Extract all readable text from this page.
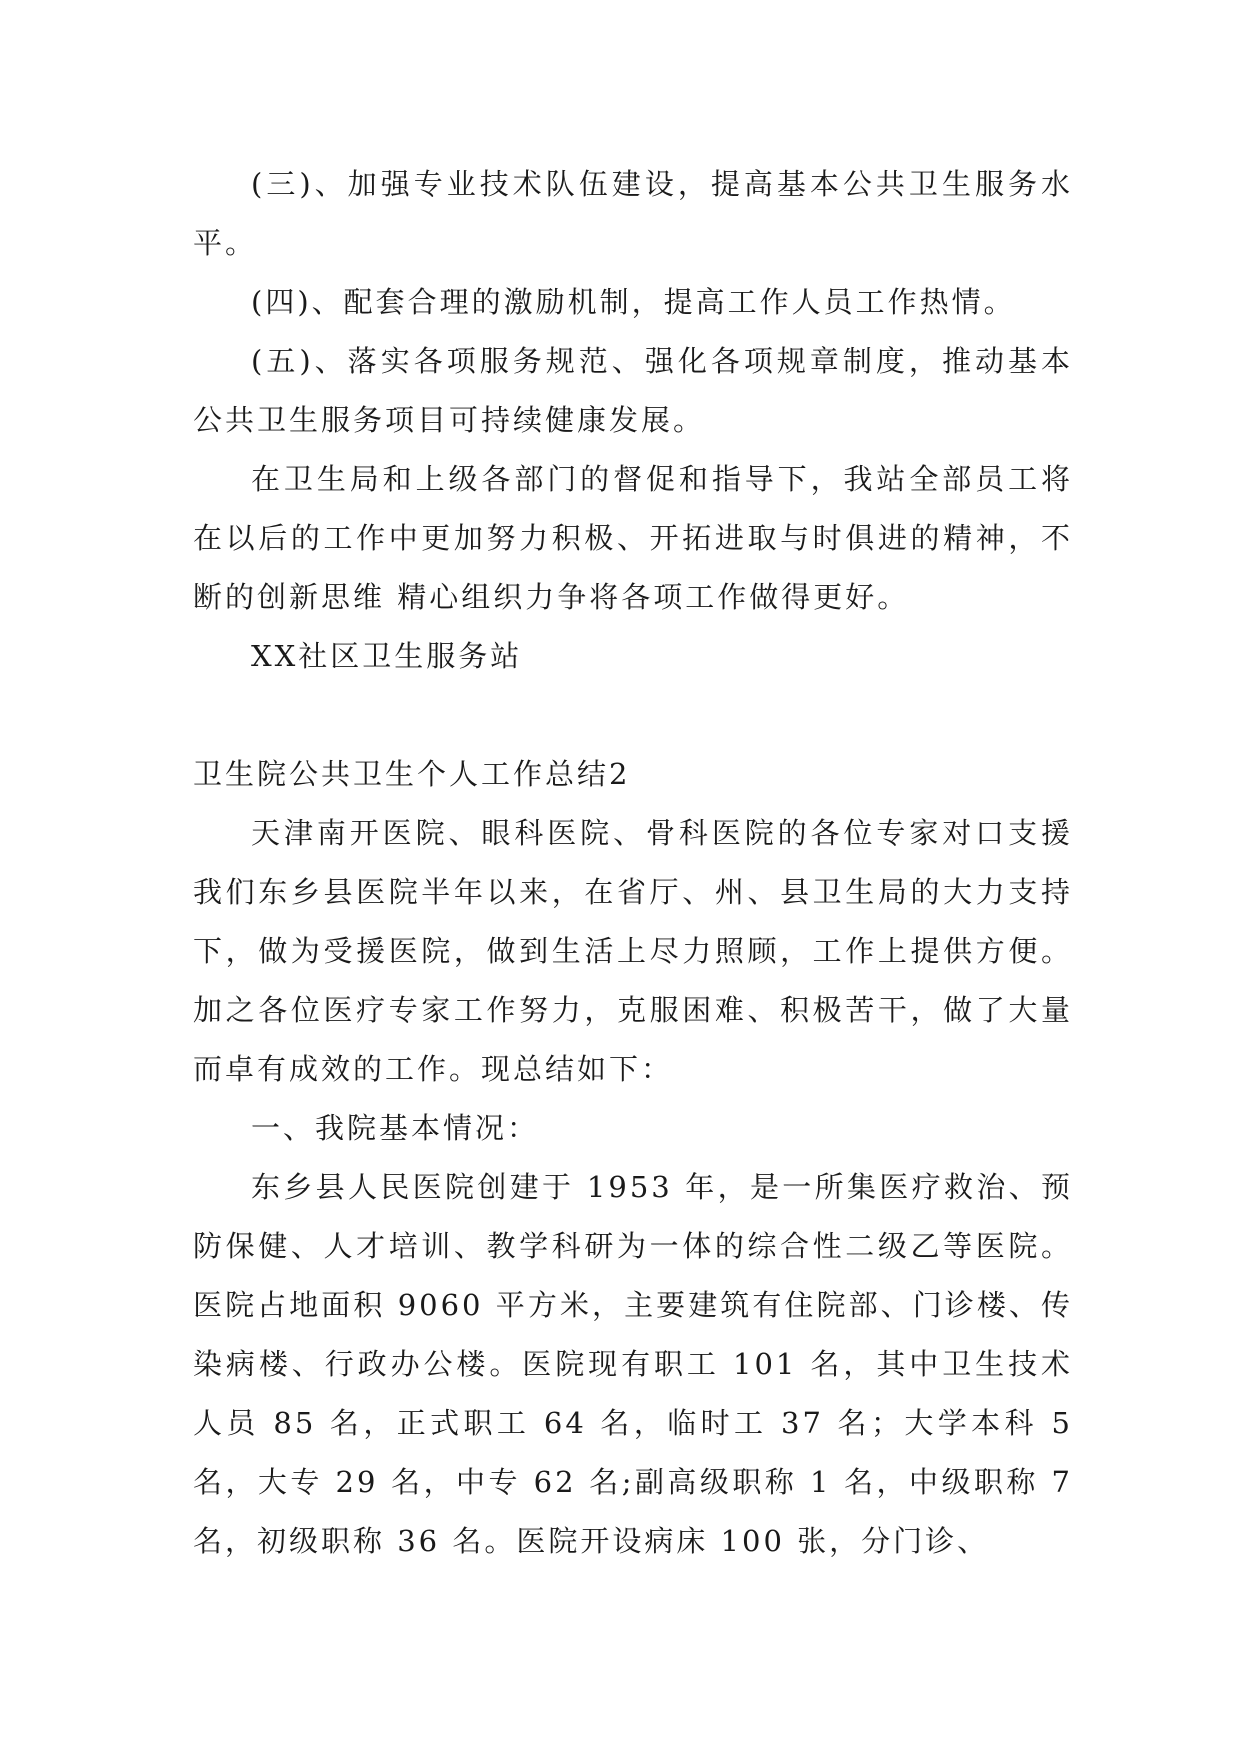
(三)、加强专业技术队伍建设，提高基本公共卫生服务水平。

(四)、配套合理的激励机制，提高工作人员工作热情。

(五)、落实各项服务规范、强化各项规章制度，推动基本公共卫生服务项目可持续健康发展。

在卫生局和上级各部门的督促和指导下，我站全部员工将在以后的工作中更加努力积极、开拓进取与时俱进的精神，不断的创新思维 精心组织力争将各项工作做得更好。

XX社区卫生服务站

卫生院公共卫生个人工作总结2

天津南开医院、眼科医院、骨科医院的各位专家对口支援我们东乡县医院半年以来，在省厅、州、县卫生局的大力支持下，做为受援医院，做到生活上尽力照顾，工作上提供方便。加之各位医疗专家工作努力，克服困难、积极苦干，做了大量而卓有成效的工作。现总结如下：

一、我院基本情况：

东乡县人民医院创建于 1953 年，是一所集医疗救治、预防保健、人才培训、教学科研为一体的综合性二级乙等医院。医院占地面积 9060 平方米，主要建筑有住院部、门诊楼、传染病楼、行政办公楼。医院现有职工 101 名，其中卫生技术人员 85 名，正式职工 64 名，临时工 37 名；大学本科 5 名，大专 29 名，中专 62 名;副高级职称 1 名，中级职称 7 名，初级职称 36 名。医院开设病床 100 张，分门诊、
